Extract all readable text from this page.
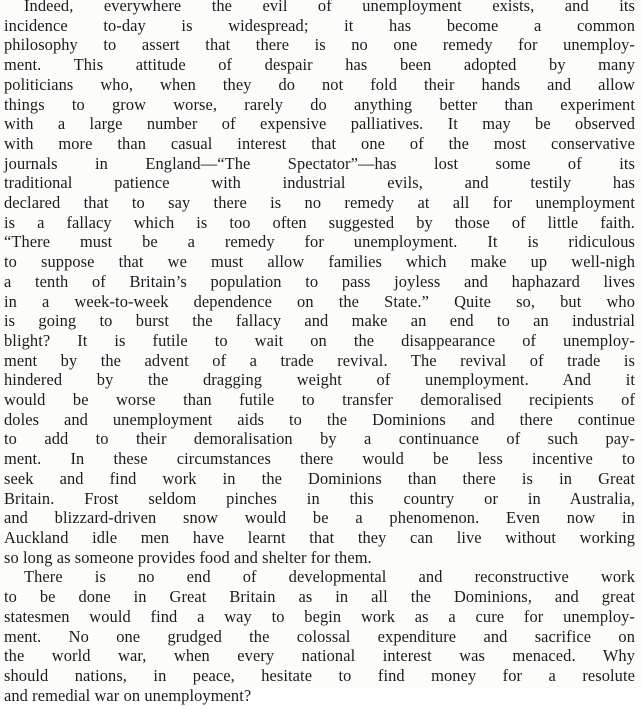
Indeed, everywhere the evil of unemployment exists, and its
incidence to-day is widespread; it has become a common
philosophy to assert that there is no one remedy for unemploy-
ment. This attitude of despair has been adopted by many
politicians who, when they do not fold their hands and allow
things to grow worse, rarely do anything better than experiment
with a large number of expensive palliatives. It may be observed
with more than casual interest that one of the most conservative
journals in England—“The Spectator”—has lost some of its
traditional patience with industrial evils, and testily has
declared that to say there is no remedy at all for unemployment
is a fallacy which is too often suggested by those of little faith.
“There must be a remedy for unemployment. It is ridiculous
to suppose that we must allow families which make up well-nigh
a tenth of Britain’s population to pass joyless and haphazard lives
in a week-to-week dependence on the State.” Quite so, but who
is going to burst the fallacy and make an end to an industrial
blight? It is futile to wait on the disappearance of unemploy-
ment by the advent of a trade revival. The revival of trade is
hindered by the dragging weight of unemployment. And it
would be worse than futile to transfer demoralised recipients of
doles and unemployment aids to the Dominions and there continue
to add to their demoralisation by a continuance of such pay-
ment. In these circumstances there would be less incentive to
seek and find work in the Dominions than there is in Great
Britain. Frost seldom pinches in this country or in Australia,
and blizzard-driven snow would be a phenomenon. Even now in
Auckland idle men have learnt that they can live without working
so long as someone provides food and shelter for them.
There is no end of developmental and reconstructive work
to be done in Great Britain as in all the Dominions, and great
statesmen would find a way to begin work as a cure for unemploy-
ment. No one grudged the colossal expenditure and sacrifice on
the world war, when every national interest was menaced. Why
should nations, in peace, hesitate to find money for a resolute
and remedial war on unemployment?
